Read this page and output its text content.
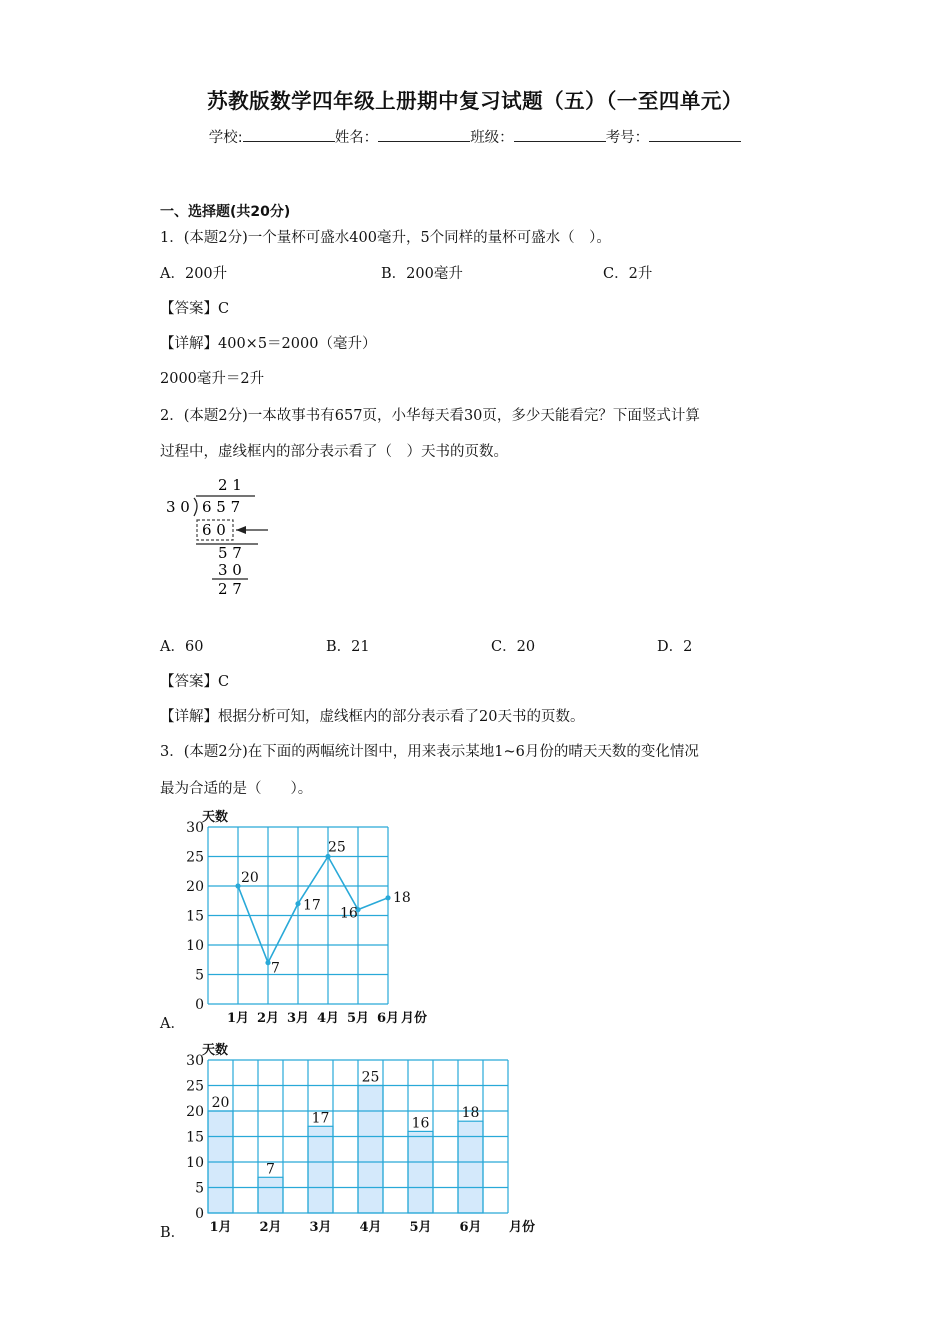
苏教版数学四年级上册期中复习试题（五）（一至四单元）
学校:	姓名：	班级：	考号：
一、选择题(共20分)
1．(本题2分)一个量杯可盛水400毫升，5个同样的量杯可盛水（　）。
A．200升	B．200毫升	C．2升
【答案】C
【详解】400×5＝2000（毫升）
2000毫升＝2升
2．(本题2分)一本故事书有657页，小华每天看30页，多少天能看完？下面竖式计算
过程中，虚线框内的部分表示看了（　）天书的页数。
2 1
3 0 6 5 7
6 0
5 7
3 0
2 7
A．60	B．21	C．20	D．2
【答案】C
【详解】根据分析可知，虚线框内的部分表示看了20天书的页数。
3．(本题2分)在下面的两幅统计图中，用来表示某地1~6月份的晴天天数的变化情况
最为合适的是（　　）。
A．
0
5
10
15
20
25
30
天数
20
7
17
25
16
18
1月 2月 3月 4月 5月 6月 月份
B．
0
5
10
15
20
25
30
天数
20
1月
7
2月
17
3月
25
4月
16
5月
18
6月 月份
